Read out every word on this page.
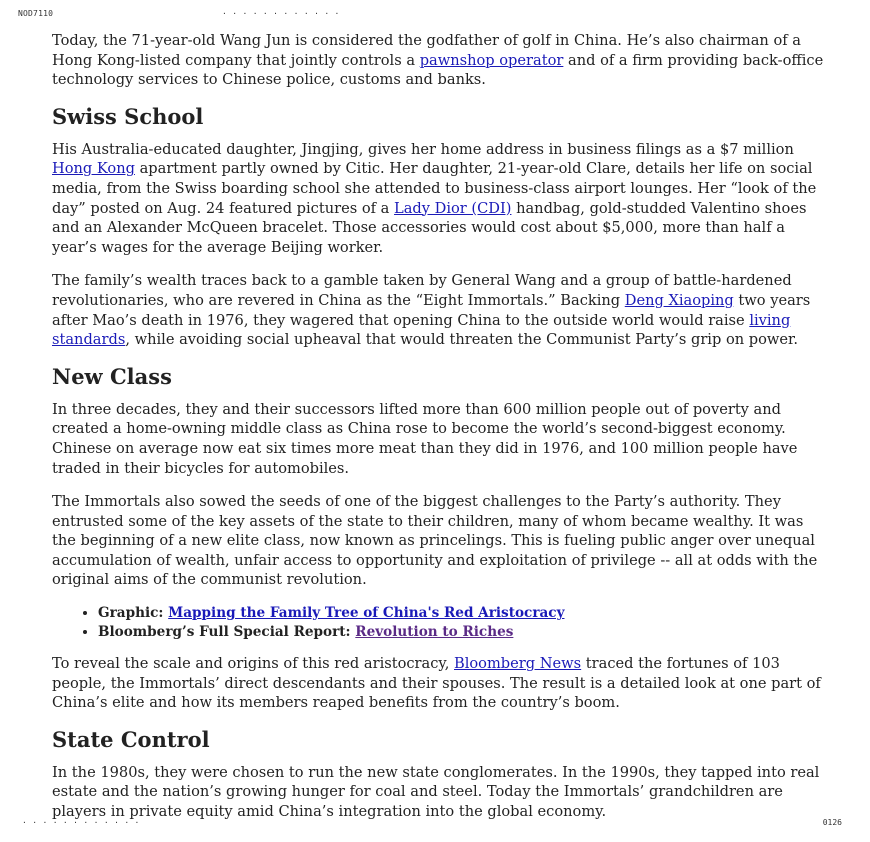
NOD7110	· · · · · · · · · · · ·

Today, the 71-year-old Wang Jun is considered the godfather of golf in China. He’s also chairman of a Hong Kong-listed company that jointly controls a pawnshop operator and of a firm providing back-office technology services to Chinese police, customs and banks.

Swiss School

His Australia-educated daughter, Jingjing, gives her home address in business filings as a $7 million Hong Kong apartment partly owned by Citic. Her daughter, 21-year-old Clare, details her life on social media, from the Swiss boarding school she attended to business-class airport lounges. Her “look of the day” posted on Aug. 24 featured pictures of a Lady Dior (CDI) handbag, gold-studded Valentino shoes and an Alexander McQueen bracelet. Those accessories would cost about $5,000, more than half a year’s wages for the average Beijing worker.

The family’s wealth traces back to a gamble taken by General Wang and a group of battle-hardened revolutionaries, who are revered in China as the “Eight Immortals.” Backing Deng Xiaoping two years after Mao’s death in 1976, they wagered that opening China to the outside world would raise living standards, while avoiding social upheaval that would threaten the Communist Party’s grip on power.

New Class

In three decades, they and their successors lifted more than 600 million people out of poverty and created a home-owning middle class as China rose to become the world’s second-biggest economy. Chinese on average now eat six times more meat than they did in 1976, and 100 million people have traded in their bicycles for automobiles.

The Immortals also sowed the seeds of one of the biggest challenges to the Party’s authority. They entrusted some of the key assets of the state to their children, many of whom became wealthy. It was the beginning of a new elite class, now known as princelings. This is fueling public anger over unequal accumulation of wealth, unfair access to opportunity and exploitation of privilege -- all at odds with the original aims of the communist revolution.

• Graphic: Mapping the Family Tree of China's Red Aristocracy
• Bloomberg’s Full Special Report: Revolution to Riches

To reveal the scale and origins of this red aristocracy, Bloomberg News traced the fortunes of 103 people, the Immortals’ direct descendants and their spouses. The result is a detailed look at one part of China’s elite and how its members reaped benefits from the country’s boom.

State Control

In the 1980s, they were chosen to run the new state conglomerates. In the 1990s, they tapped into real estate and the nation’s growing hunger for coal and steel. Today the Immortals’ grandchildren are players in private equity amid China’s integration into the global economy.

· · · · · · · · · · · ·	0126
